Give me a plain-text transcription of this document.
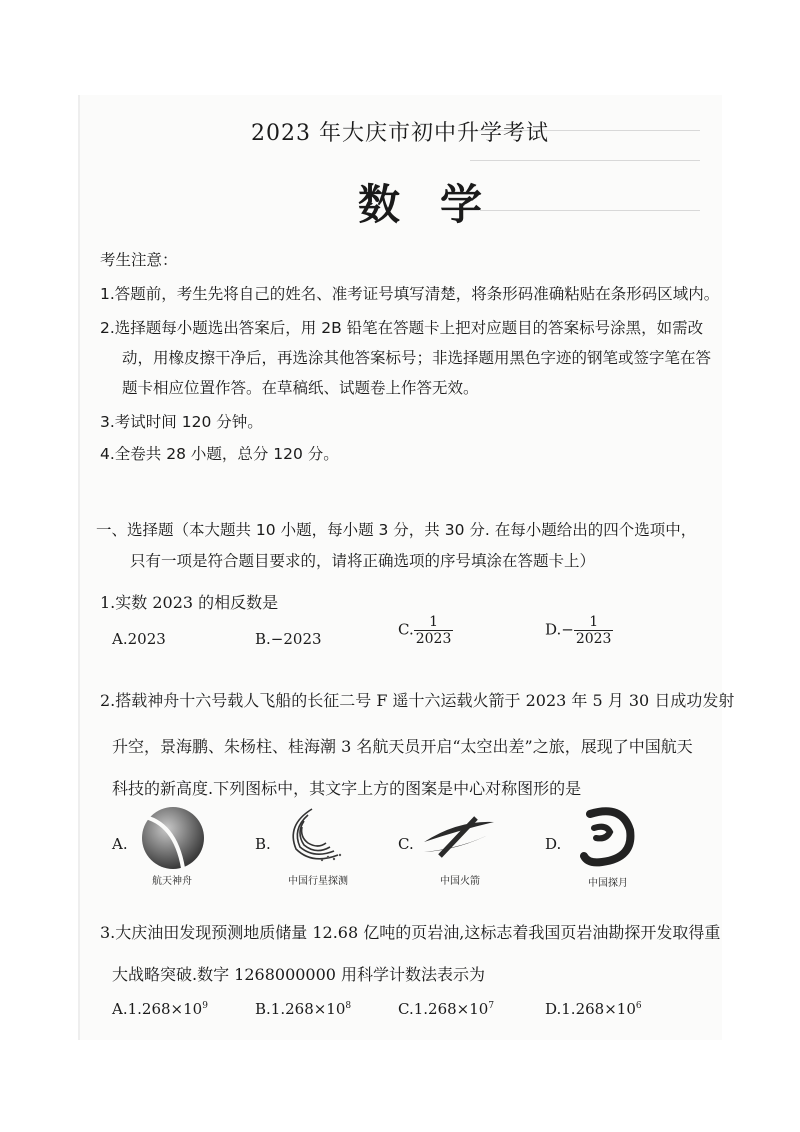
2023 年大庆市初中升学考试
数学
考生注意：
1.答题前，考生先将自己的姓名、准考证号填写清楚，将条形码准确粘贴在条形码区域内。
2.选择题每小题选出答案后，用 2B 铅笔在答题卡上把对应题目的答案标号涂黑，如需改
动，用橡皮擦干净后，再选涂其他答案标号；非选择题用黑色字迹的钢笔或签字笔在答
题卡相应位置作答。在草稿纸、试题卷上作答无效。
3.考试时间 120 分钟。
4.全卷共 28 小题，总分 120 分。
一、选择题（本大题共 10 小题，每小题 3 分，共 30 分. 在每小题给出的四个选项中，
只有一项是符合题目要求的，请将正确选项的序号填涂在答题卡上）
1.实数 2023 的相反数是
A.2023	B.−2023
C. $\frac{1}{2023}$	$D.- \frac{1}{2023}$
2.搭载神舟十六号载人飞船的长征二号 F 遥十六运载火箭于 2023 年 5 月 30 日成功发射
升空，景海鹏、朱杨柱、桂海潮 3 名航天员开启“太空出差”之旅，展现了中国航天
科技的新高度.下列图标中，其文字上方的图案是中心对称图形的是
A.
航天神舟
B.
中国行星探测
C.
中国火箭
D.
中国探月
3.大庆油田发现预测地质储量 12.68 亿吨的页岩油,这标志着我国页岩油勘探开发取得重
大战略突破.数字 1268000000 用科学计数法表示为
$A.1.268\times 10^9$	$B.1.268\times 10^8$	$C.1.268\times 10^7$	$D.1.268\times 10^6$
